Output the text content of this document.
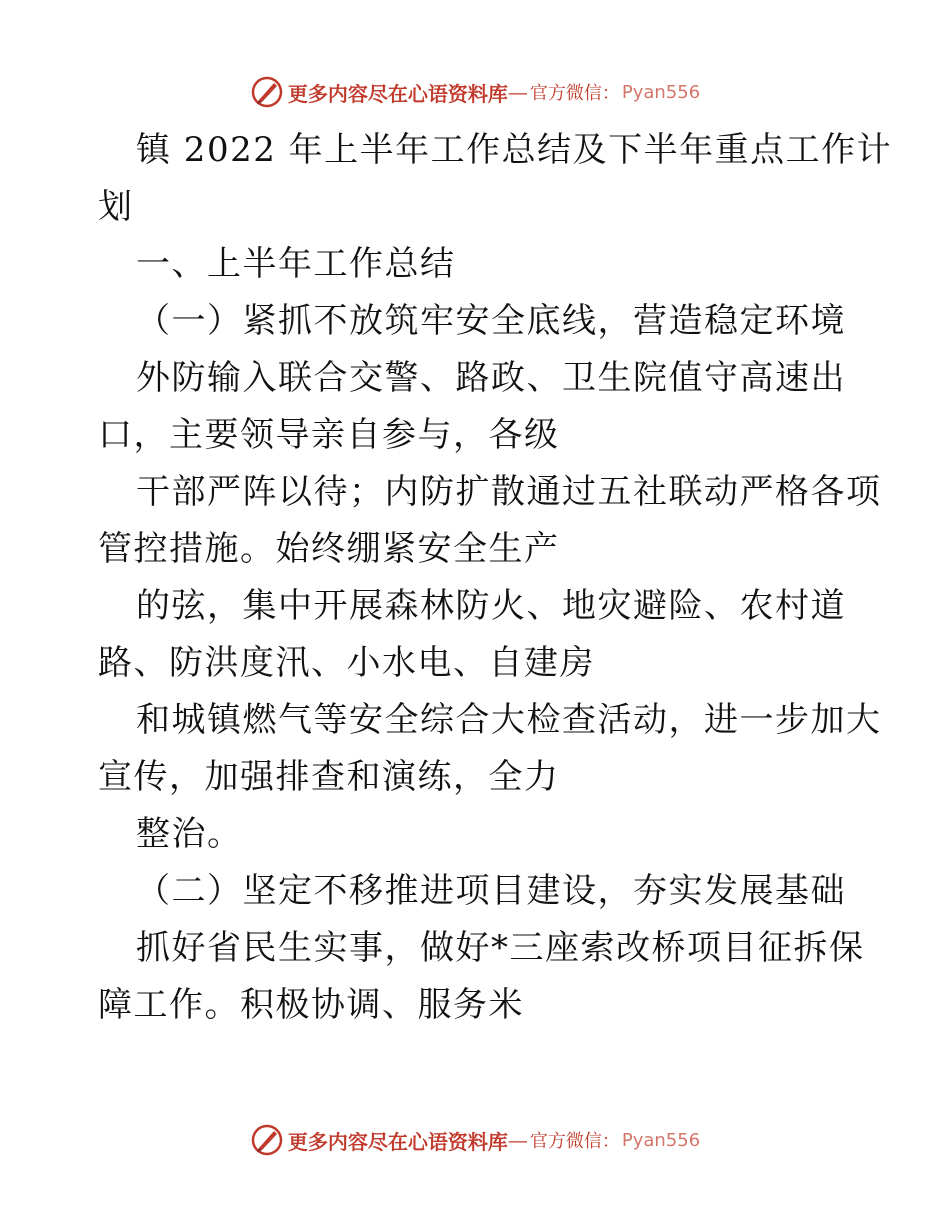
更多内容尽在心语资料库 — 官方微信： Pyan556
镇 2022 年上半年工作总结及下半年重点工作计
划
一、上半年工作总结
（一）紧抓不放筑牢安全底线，营造稳定环境
外防输入联合交警、路政、卫生院值守高速出
口，主要领导亲自参与，各级
干部严阵以待；内防扩散通过五社联动严格各项
管控措施。始终绷紧安全生产
的弦，集中开展森林防火、地灾避险、农村道
路、防洪度汛、小水电、自建房
和城镇燃气等安全综合大检查活动，进一步加大
宣传，加强排查和演练，全力
整治。
（二）坚定不移推进项目建设，夯实发展基础
抓好省民生实事，做好*三座索改桥项目征拆保
障工作。积极协调、服务米
更多内容尽在心语资料库 — 官方微信： Pyan556
